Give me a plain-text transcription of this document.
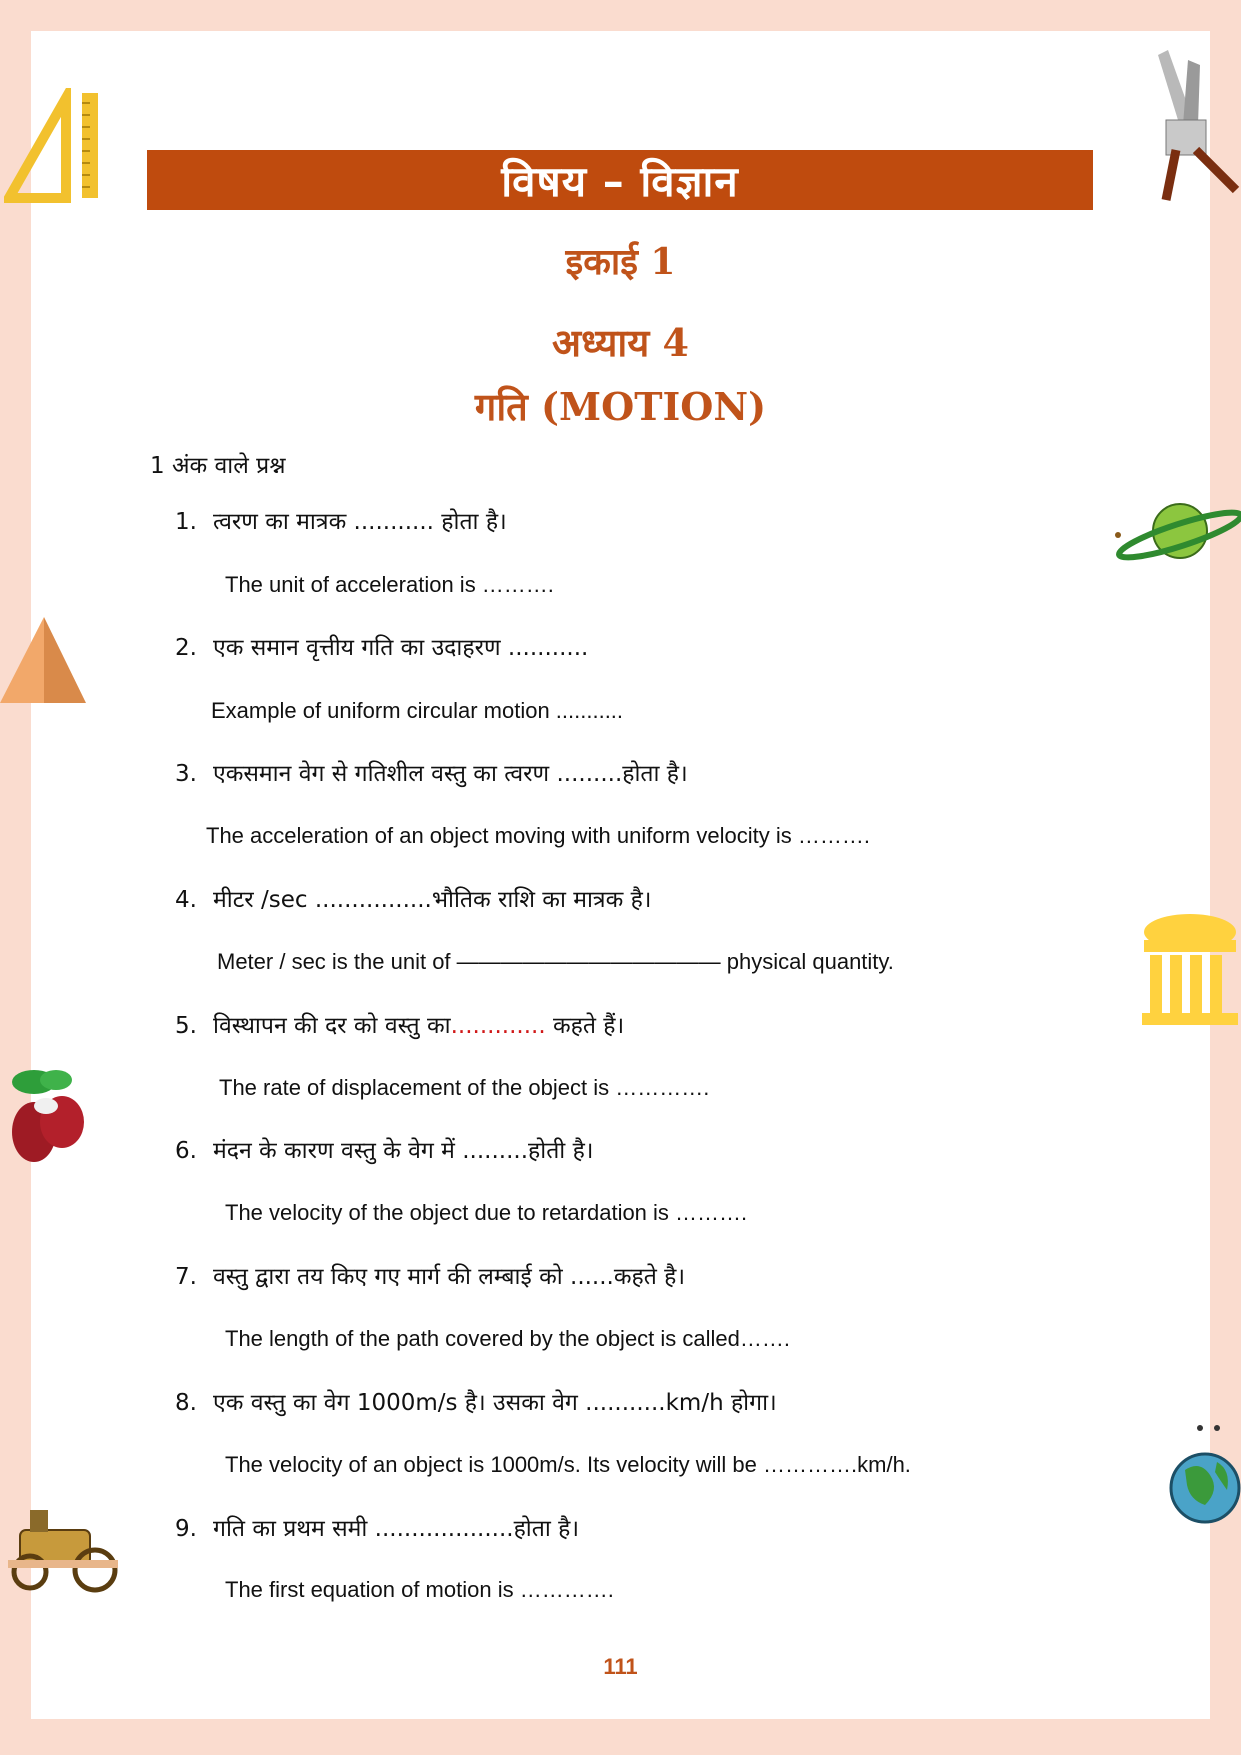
विषय – विज्ञान
इकाई 1
अध्याय 4
गति (MOTION)
1 अंक वाले प्रश्न
1. त्वरण का मात्रक ........... होता है।
The unit of acceleration is ……….
2. एक समान वृत्तीय गति का उदाहरण ...........
Example of uniform circular motion ...........
3. एकसमान वेग से गतिशील वस्तु का त्वरण .........होता है।
The acceleration of an object moving with uniform velocity is ……….
4. मीटर /sec ................भौतिक राशि का मात्रक है।
Meter / sec is the unit of ———————————— physical quantity.
5. विस्थापन की दर को वस्तु का............. कहते हैं।
The rate of displacement of the object is ………….
6. मंदन के कारण वस्तु के वेग में .........होती है।
The velocity of the object due to retardation is ……….
7. वस्तु द्वारा तय किए गए मार्ग की लम्बाई को ......कहते है।
The length of the path covered by the object is called…….
8. एक वस्तु का वेग 1000m/s है। उसका वेग ...........km/h होगा।
The velocity of an object is 1000m/s. Its velocity will be ………….km/h.
9. गति का प्रथम समी ...................होता है।
The first equation of motion is ………….
111
